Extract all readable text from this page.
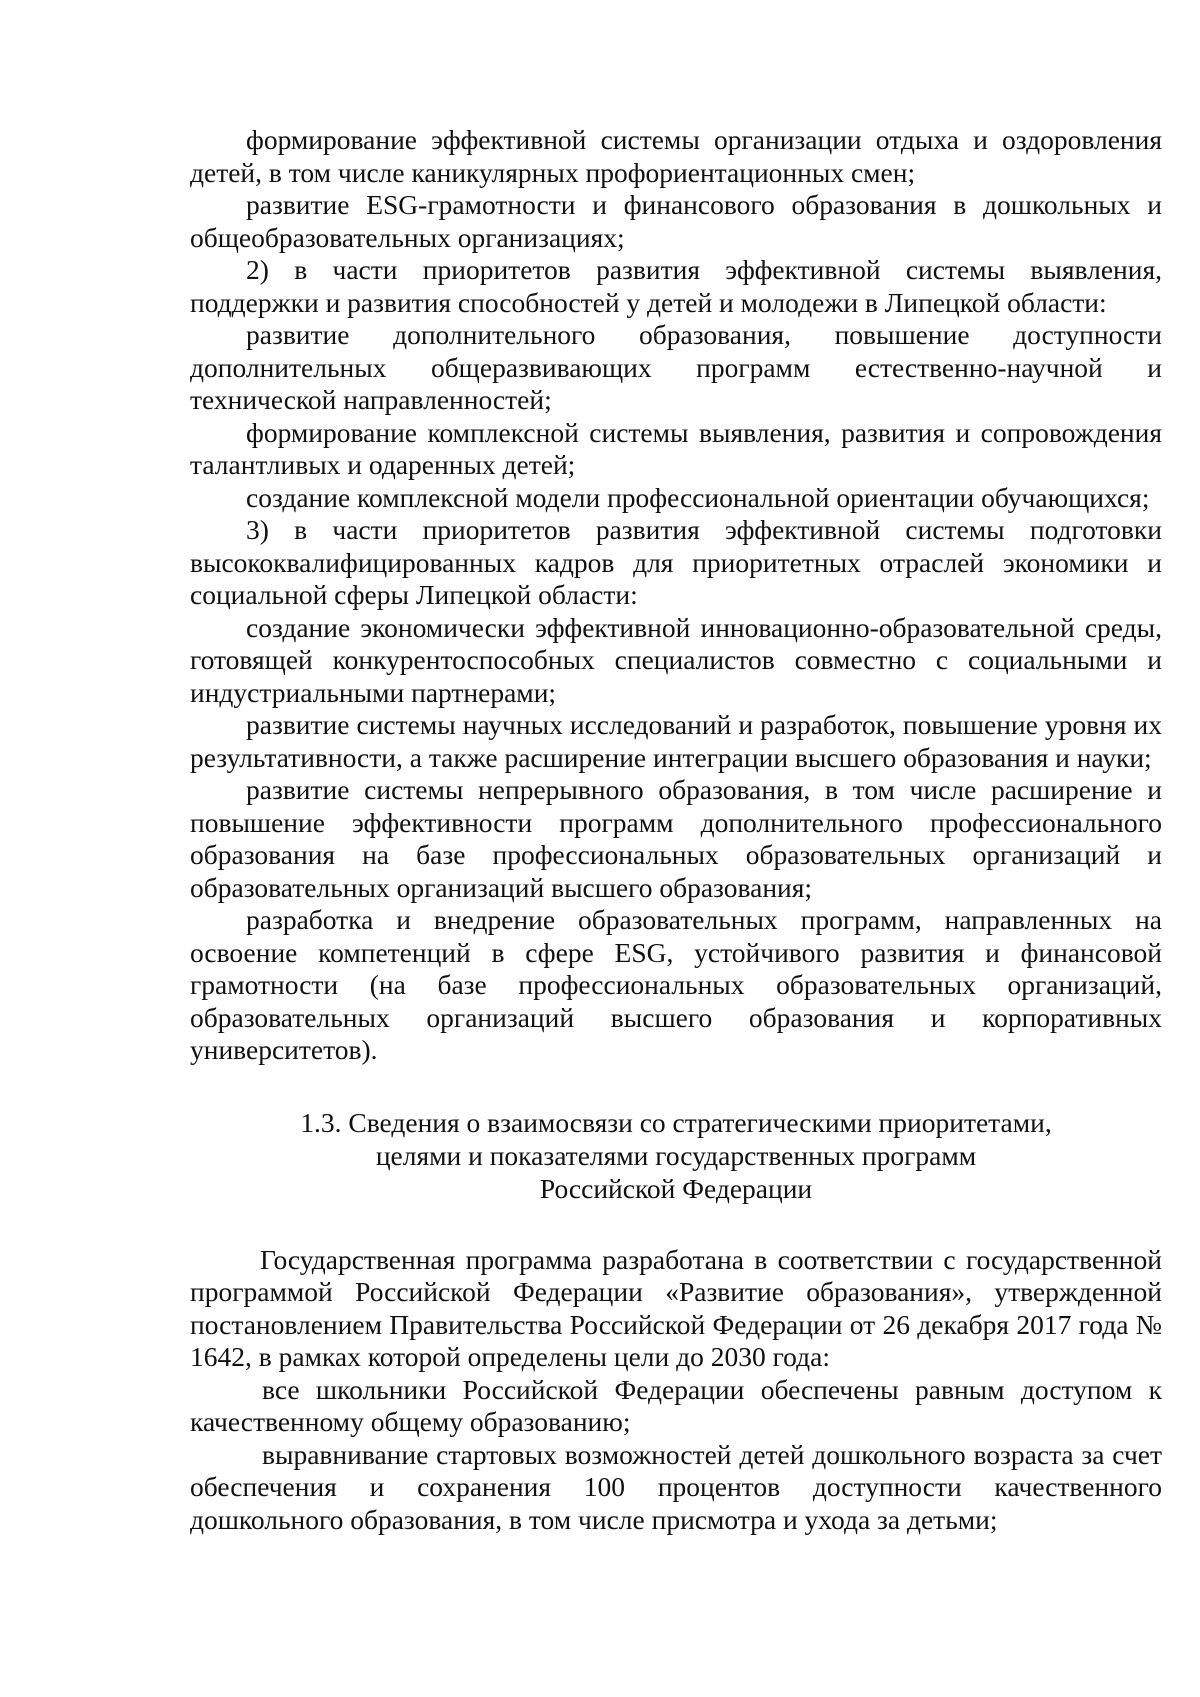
формирование эффективной системы организации отдыха и оздоровления детей, в том числе каникулярных профориентационных смен;

развитие ESG-грамотности и финансового образования в дошкольных и общеобразовательных организациях;

2) в части приоритетов развития эффективной системы выявления, поддержки и развития способностей у детей и молодежи в Липецкой области:

развитие дополнительного образования, повышение доступности дополнительных общеразвивающих программ естественно-научной и технической направленностей;

формирование комплексной системы выявления, развития и сопровождения талантливых и одаренных детей;

создание комплексной модели профессиональной ориентации обучающихся;

3) в части приоритетов развития эффективной системы подготовки высококвалифицированных кадров для приоритетных отраслей экономики и социальной сферы Липецкой области:

создание экономически эффективной инновационно-образовательной среды, готовящей конкурентоспособных специалистов совместно с социальными и индустриальными партнерами;

развитие системы научных исследований и разработок, повышение уровня их результативности, а также расширение интеграции высшего образования и науки;

развитие системы непрерывного образования, в том числе расширение и повышение эффективности программ дополнительного профессионального образования на базе профессиональных образовательных организаций и образовательных организаций высшего образования;

разработка и внедрение образовательных программ, направленных на освоение компетенций в сфере ESG, устойчивого развития и финансовой грамотности (на базе профессиональных образовательных организаций, образовательных организаций высшего образования и корпоративных университетов).

1.3. Сведения о взаимосвязи со стратегическими приоритетами,
целями и показателями государственных программ
Российской Федерации

Государственная программа разработана в соответствии с государственной программой Российской Федерации «Развитие образования», утвержденной постановлением Правительства Российской Федерации от 26 декабря 2017 года № 1642, в рамках которой определены цели до 2030 года:

все школьники Российской Федерации обеспечены равным доступом к качественному общему образованию;

выравнивание стартовых возможностей детей дошкольного возраста за счет обеспечения и сохранения 100 процентов доступности качественного дошкольного образования, в том числе присмотра и ухода за детьми;
